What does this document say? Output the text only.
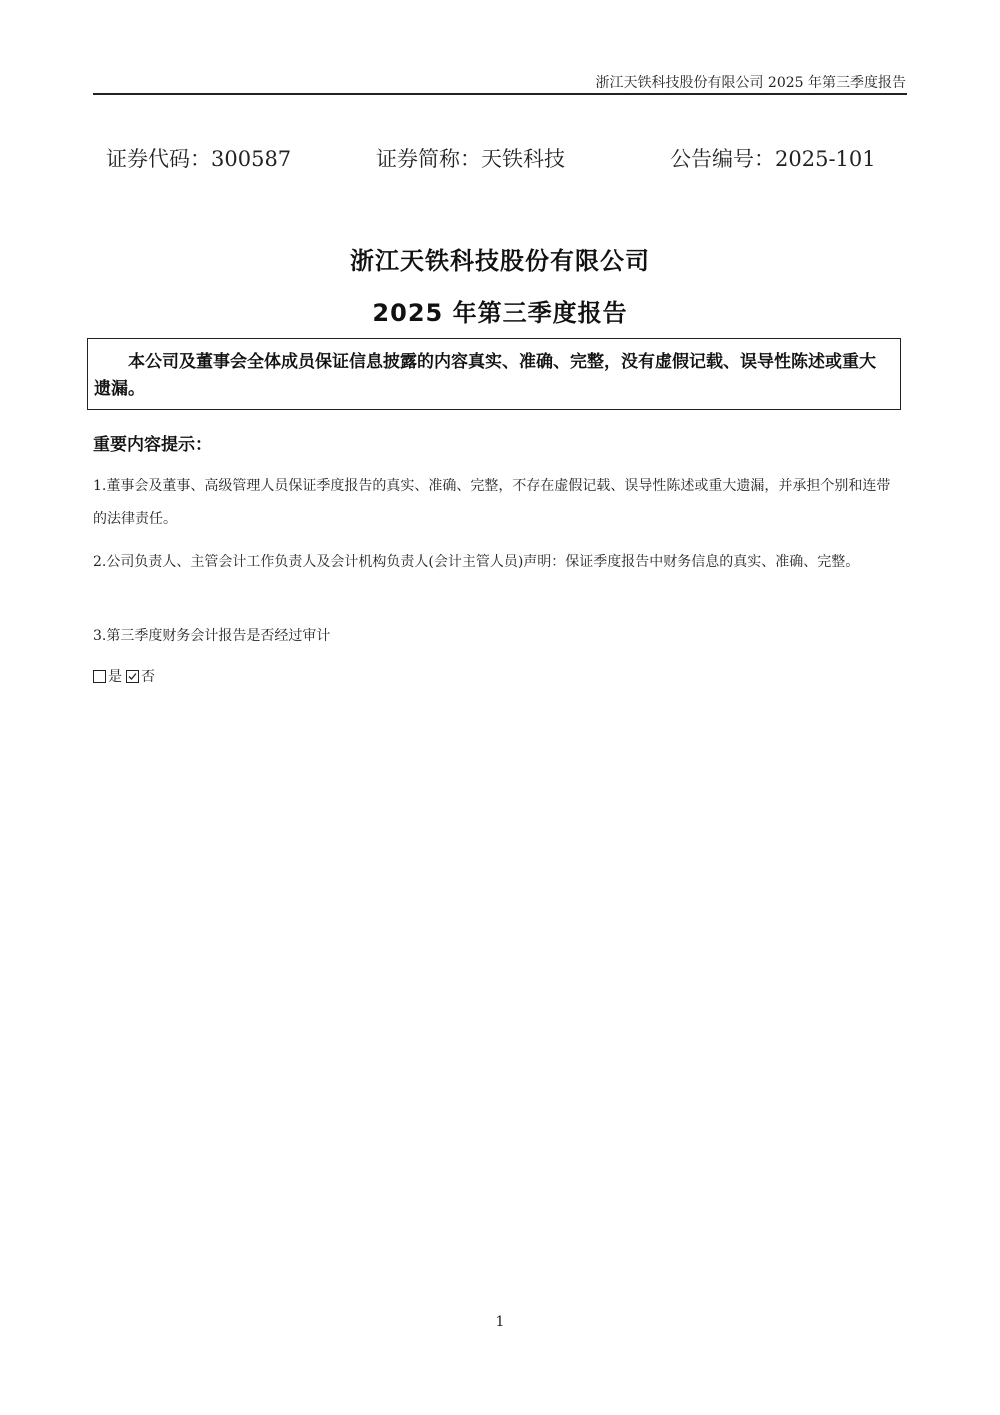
浙江天铁科技股份有限公司 2025 年第三季度报告
证券代码：300587	证券简称：天铁科技	公告编号：2025-101
浙江天铁科技股份有限公司
2025 年第三季度报告

本公司及董事会全体成员保证信息披露的内容真实、准确、完整，没有虚假记载、误导性陈述或重大遗漏。

重要内容提示：

1.董事会及董事、高级管理人员保证季度报告的真实、准确、完整，不存在虚假记载、误导性陈述或重大遗漏，并承担个别和连带的法律责任。

2.公司负责人、主管会计工作负责人及会计机构负责人(会计主管人员)声明：保证季度报告中财务信息的真实、准确、完整。

3.第三季度财务会计报告是否经过审计

是 否
1
